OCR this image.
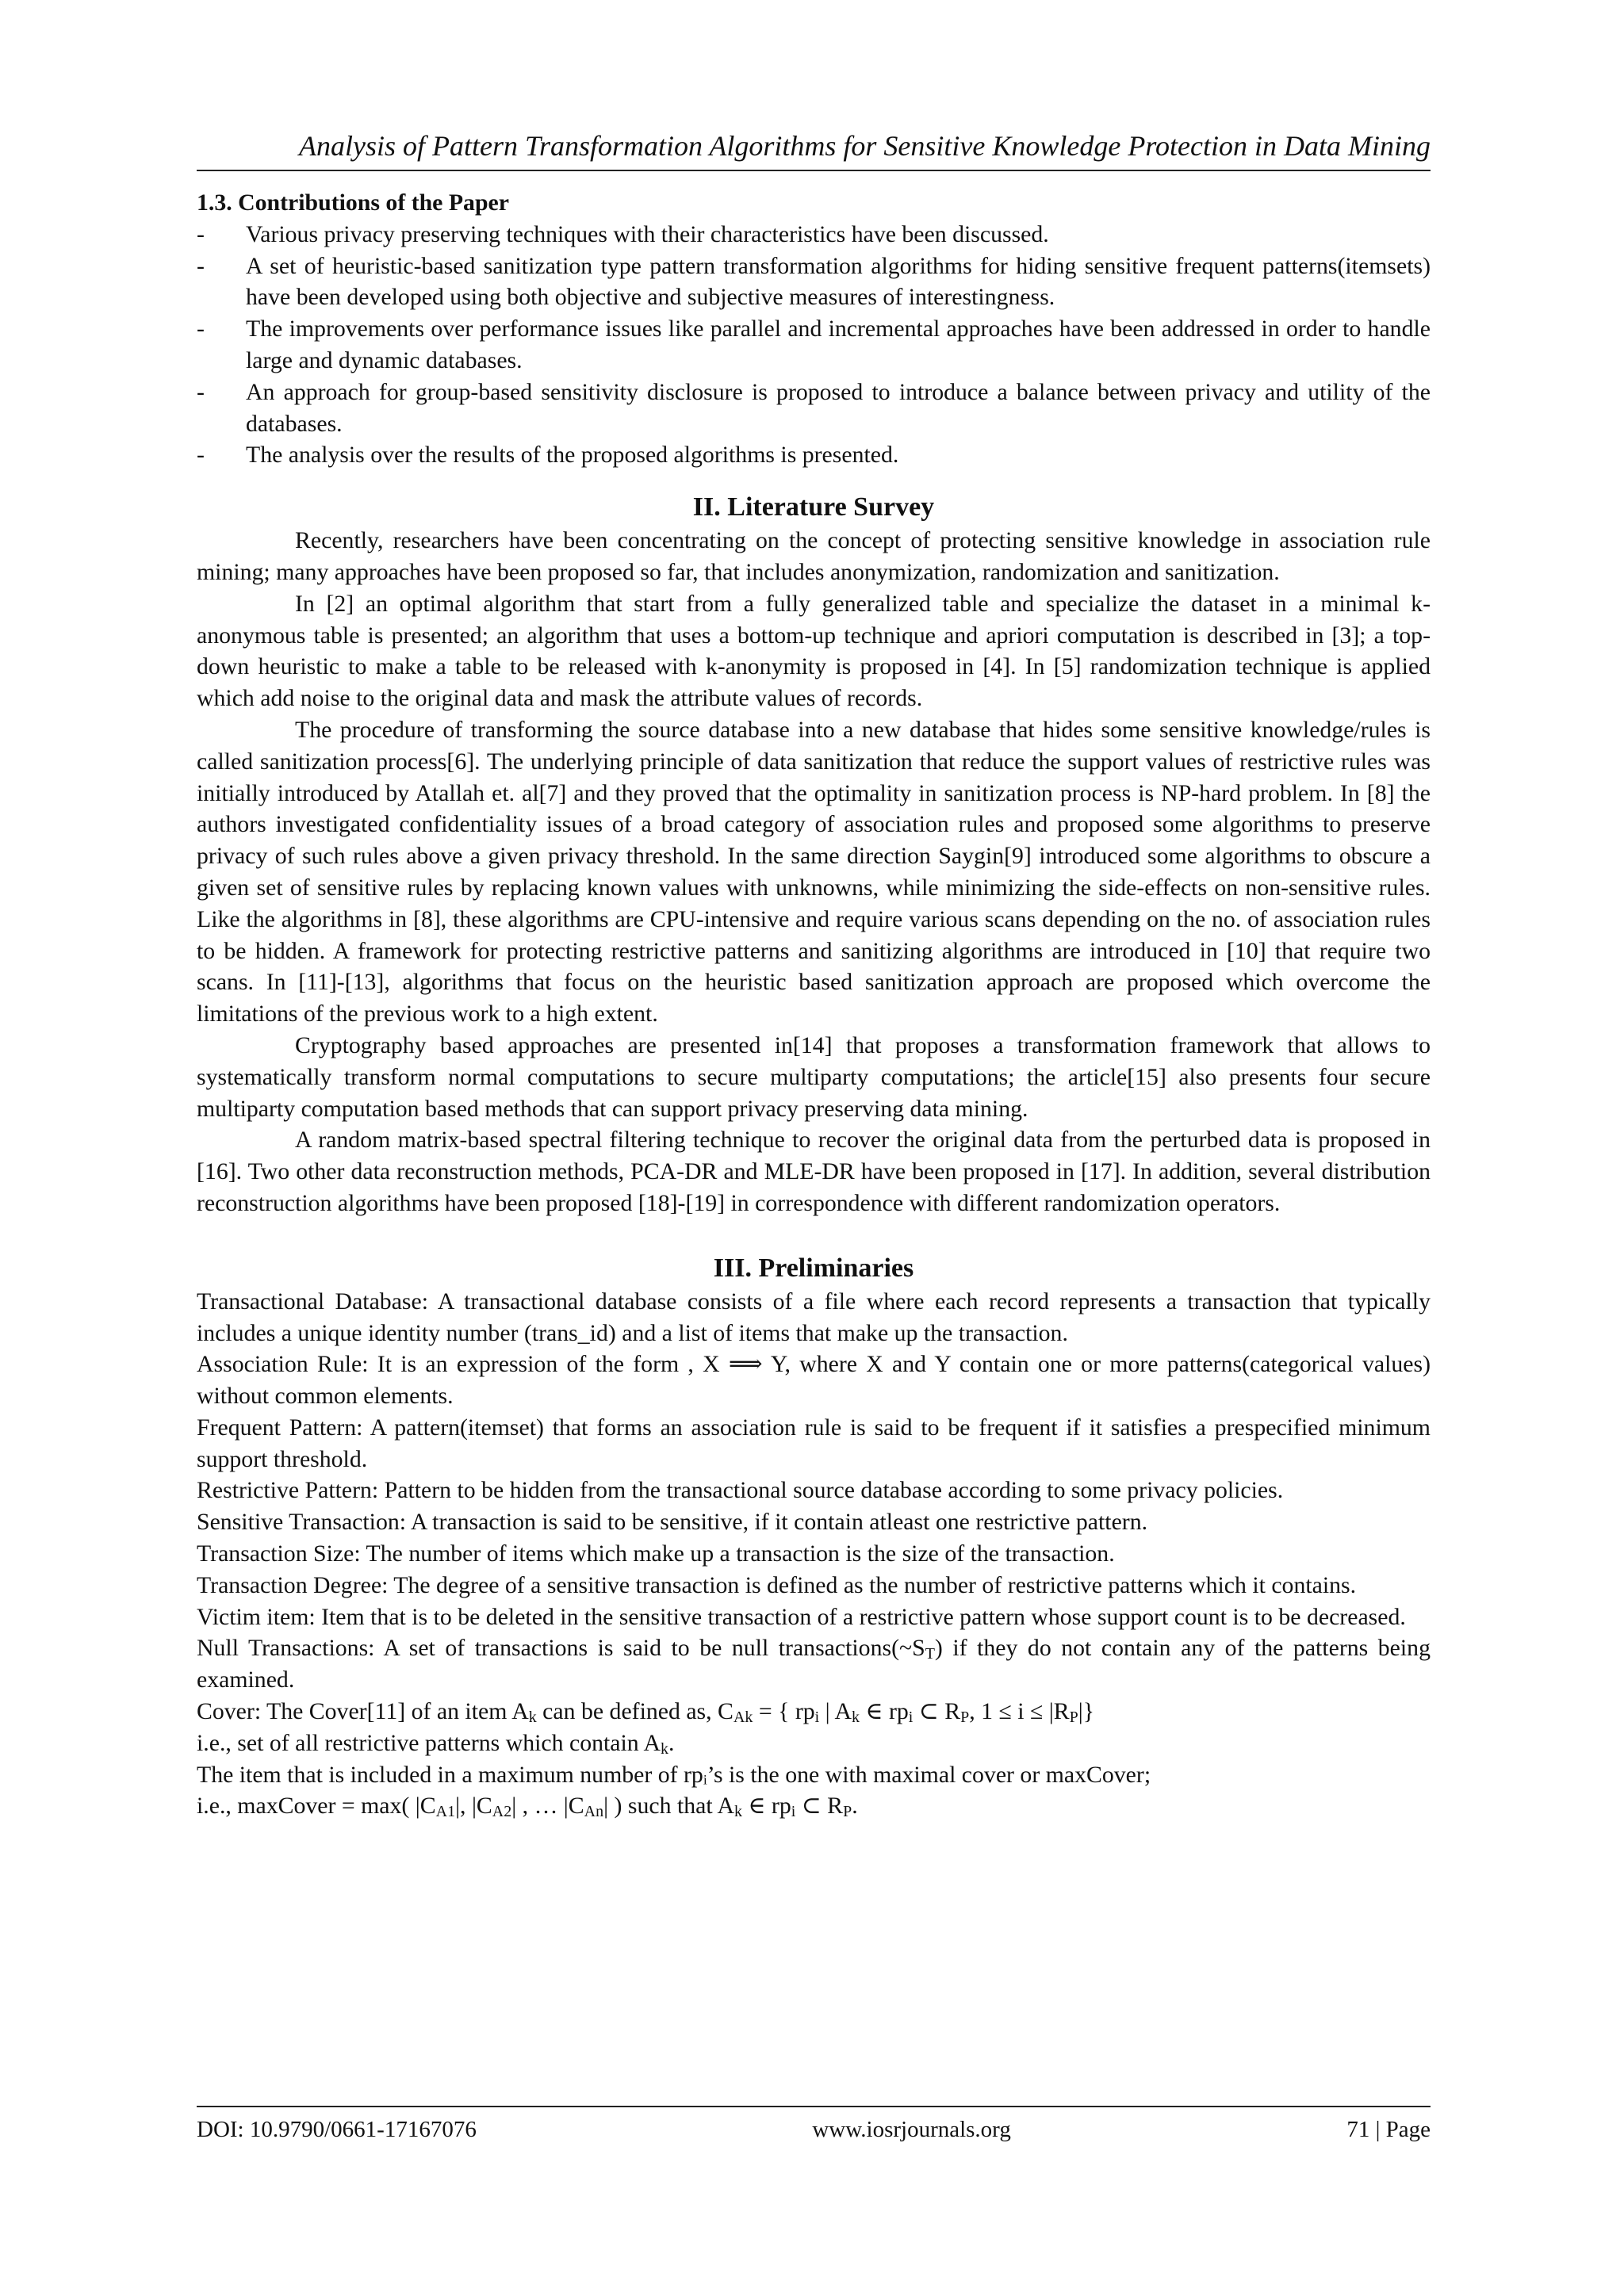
Analysis of Pattern Transformation Algorithms for Sensitive Knowledge Protection in Data Mining
1.3. Contributions of the Paper
-	Various privacy preserving techniques with their characteristics have been discussed.
-	A set of heuristic-based sanitization type pattern transformation algorithms for hiding sensitive frequent patterns(itemsets) have been developed using both objective and subjective measures of interestingness.
-	The improvements over performance issues like parallel and incremental approaches have been addressed in order to handle large and dynamic databases.
-	An approach for group-based sensitivity disclosure is proposed to introduce a balance between privacy and utility of the databases.
-	The analysis over the results of the proposed algorithms is presented.
II. Literature Survey

Recently, researchers have been concentrating on the concept of protecting sensitive knowledge in association rule mining; many approaches have been proposed so far, that includes anonymization, randomization and sanitization.

In [2] an optimal algorithm that start from a fully generalized table and specialize the dataset in a minimal k-anonymous table is presented; an algorithm that uses a bottom-up technique and apriori computation is described in [3]; a top-down heuristic to make a table to be released with k-anonymity is proposed in [4]. In [5] randomization technique is applied which add noise to the original data and mask the attribute values of records.

The procedure of transforming the source database into a new database that hides some sensitive knowledge/rules is called sanitization process[6]. The underlying principle of data sanitization that reduce the support values of restrictive rules was initially introduced by Atallah et. al[7] and they proved that the optimality in sanitization process is NP-hard problem. In [8] the authors investigated confidentiality issues of a broad category of association rules and proposed some algorithms to preserve privacy of such rules above a given privacy threshold. In the same direction Saygin[9] introduced some algorithms to obscure a given set of sensitive rules by replacing known values with unknowns, while minimizing the side-effects on non-sensitive rules. Like the algorithms in [8], these algorithms are CPU-intensive and require various scans depending on the no. of association rules to be hidden. A framework for protecting restrictive patterns and sanitizing algorithms are introduced in [10] that require two scans. In [11]-[13], algorithms that focus on the heuristic based sanitization approach are proposed which overcome the limitations of the previous work to a high extent.

Cryptography based approaches are presented in[14] that proposes a transformation framework that allows to systematically transform normal computations to secure multiparty computations; the article[15] also presents four secure multiparty computation based methods that can support privacy preserving data mining.

A random matrix-based spectral filtering technique to recover the original data from the perturbed data is proposed in [16]. Two other data reconstruction methods, PCA-DR and MLE-DR have been proposed in [17]. In addition, several distribution reconstruction algorithms have been proposed [18]-[19] in correspondence with different randomization operators.

III. Preliminaries

Transactional Database: A transactional database consists of a file where each record represents a transaction that typically includes a unique identity number (trans_id) and a list of items that make up the transaction.

Association Rule: It is an expression of the form , X ⟹ Y, where X and Y contain one or more patterns(categorical values) without common elements.

Frequent Pattern: A pattern(itemset) that forms an association rule is said to be frequent if it satisfies a prespecified minimum support threshold.

Restrictive Pattern: Pattern to be hidden from the transactional source database according to some privacy policies.

Sensitive Transaction: A transaction is said to be sensitive, if it contain atleast one restrictive pattern.

Transaction Size: The number of items which make up a transaction is the size of the transaction.

Transaction Degree: The degree of a sensitive transaction is defined as the number of restrictive patterns which it contains.

Victim item: Item that is to be deleted in the sensitive transaction of a restrictive pattern whose support count is to be decreased.

Null Transactions: A set of transactions is said to be null $transactions(\sim S_T)$ if they do not contain any of the patterns being examined.

Cover: The Cover[11] of an item $A_k$ can be defined as, $C_{Ak}$ = { $rp_i$ | $A_k$ ∈ $rp_i$ ⊂ $R_P$, $1 \le i \le |R_P|$}

i.e., set of all restrictive patterns which contain $A_k$.

The item that is included in a maximum number of rpᵢ’s is the one with maximal cover or maxCover;

i.e., maxCover = max( $|C_{A1}|$, $|C_{A2}|$ , … $|C_{An}|$ ) such that $A_k$ ∈ $rp_i$ ⊂ $R_P$.

DOI: 10.9790/0661-17167076	www.iosrjournals.org	71 | Page
